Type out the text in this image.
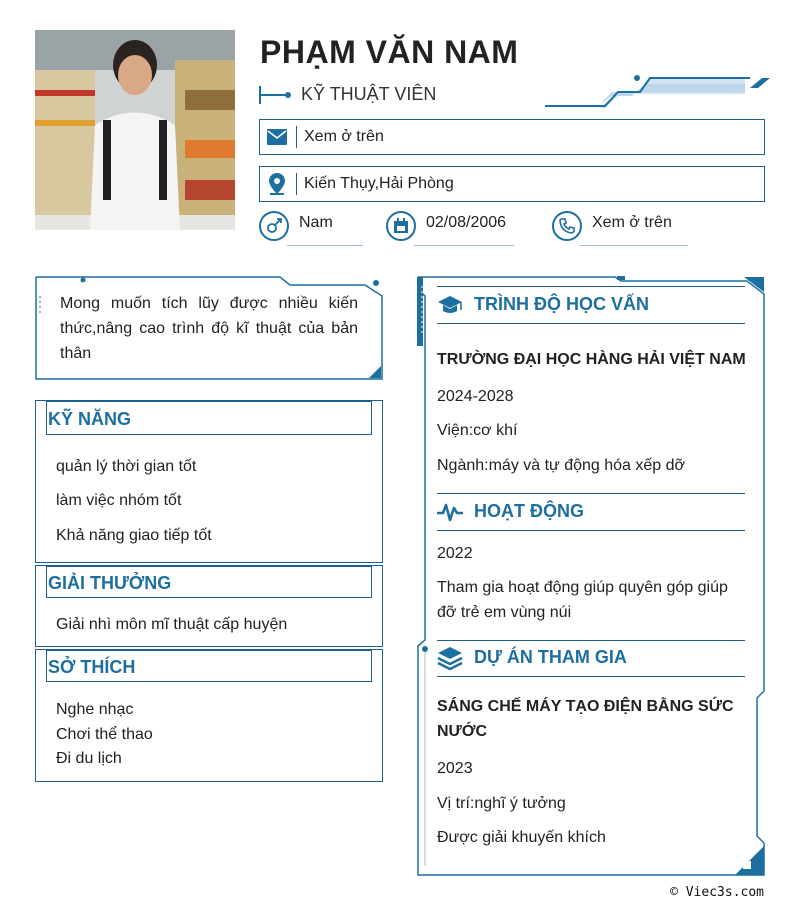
PHẠM VĂN NAM
KỸ THUẬT VIÊN
Xem ở trên
Kiến Thụy,Hải Phòng
Nam	02/08/2006	Xem ở trên
Mong muốn tích lũy được nhiều kiến thức,nâng cao trình độ kĩ thuật của bản thân
KỸ NĂNG
quản lý thời gian tốt
làm việc nhóm tốt
Khả năng giao tiếp tốt
GIẢI THƯỞNG
Giải nhì môn mĩ thuật cấp huyện
SỞ THÍCH
Nghe nhạc
Chơi thể thao
Đi du lịch
TRÌNH ĐỘ HỌC VẤN
TRƯỜNG ĐẠI HỌC HÀNG HẢI VIỆT NAM
2024-2028
Viện:cơ khí
Ngành:máy và tự động hóa xếp dỡ
HOẠT ĐỘNG
2022
Tham gia hoạt động giúp quyên góp giúp đỡ trẻ em vùng núi
DỰ ÁN THAM GIA
SÁNG CHẾ MÁY TẠO ĐIỆN BẰNG SỨC NƯỚC
2023
Vị trí:nghĩ ý tưởng
Được giải khuyến khích
© Viec3s.com
